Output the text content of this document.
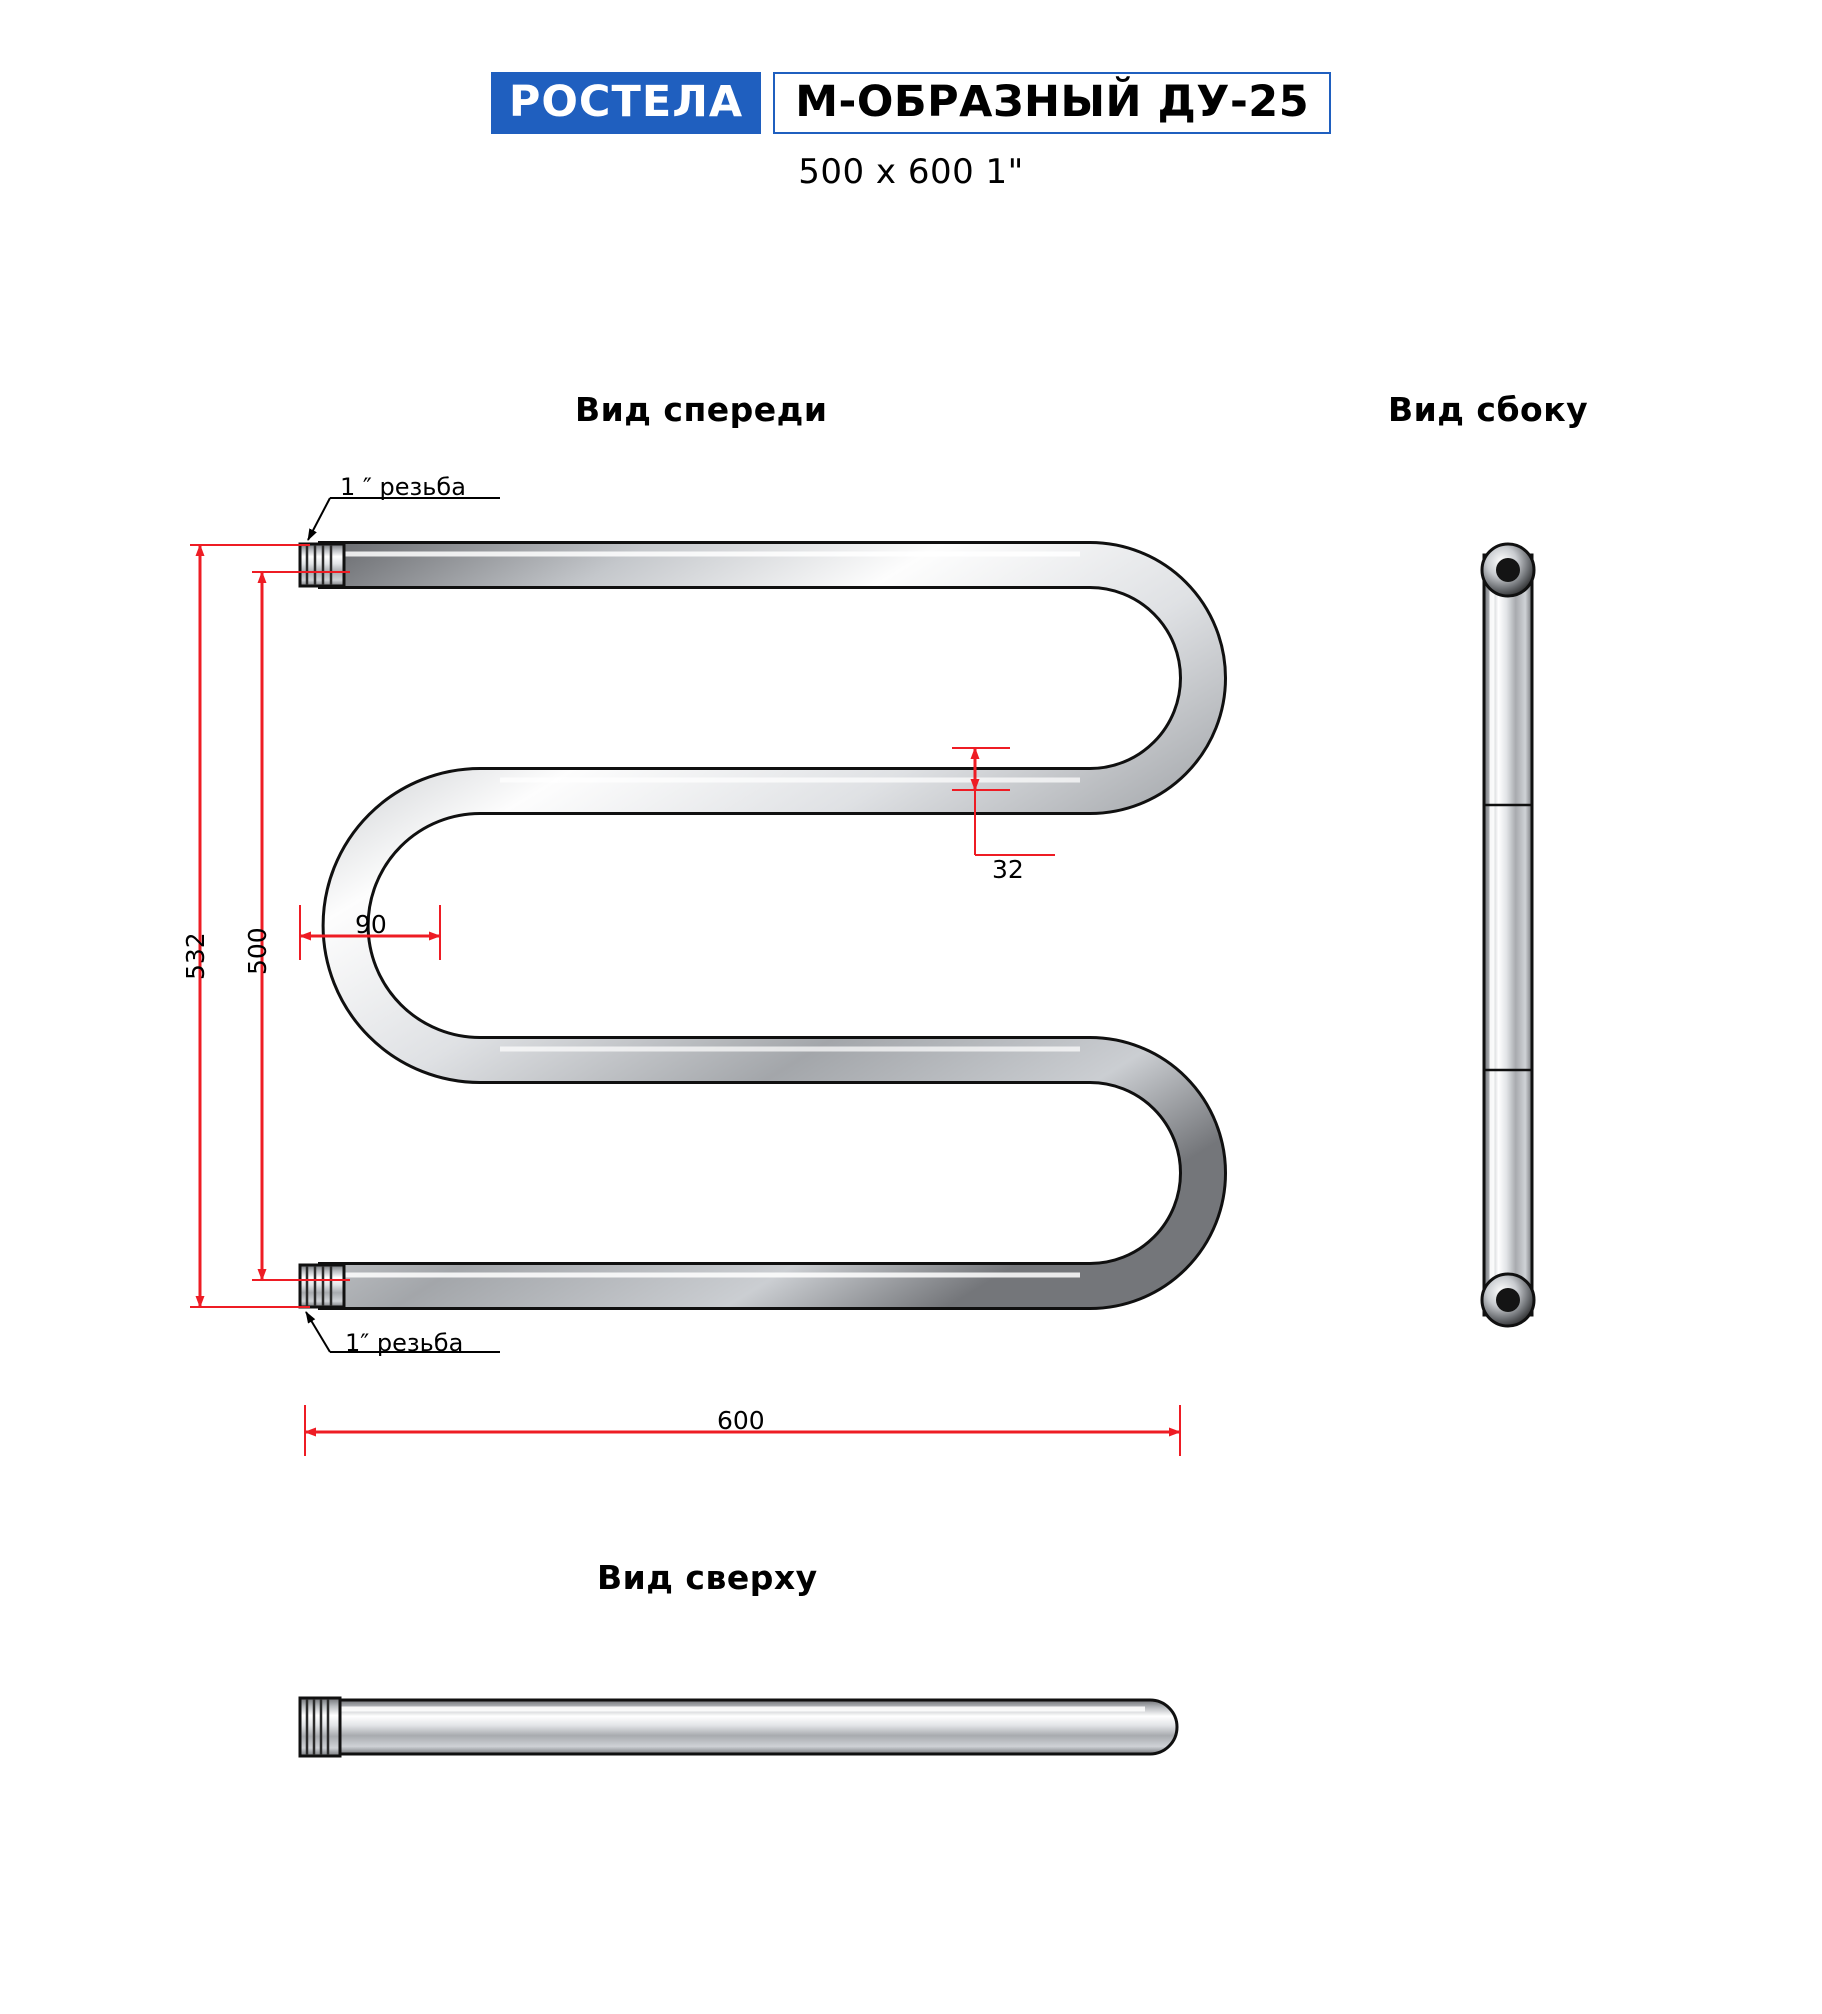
РОСТЕЛА	М-ОБРАЗНЫЙ ДУ-25
500 x 600 1"
Вид спереди	Вид сбоку
Вид сверху
532 500
90
32
600
1 ″ резьба
1″ резьба
